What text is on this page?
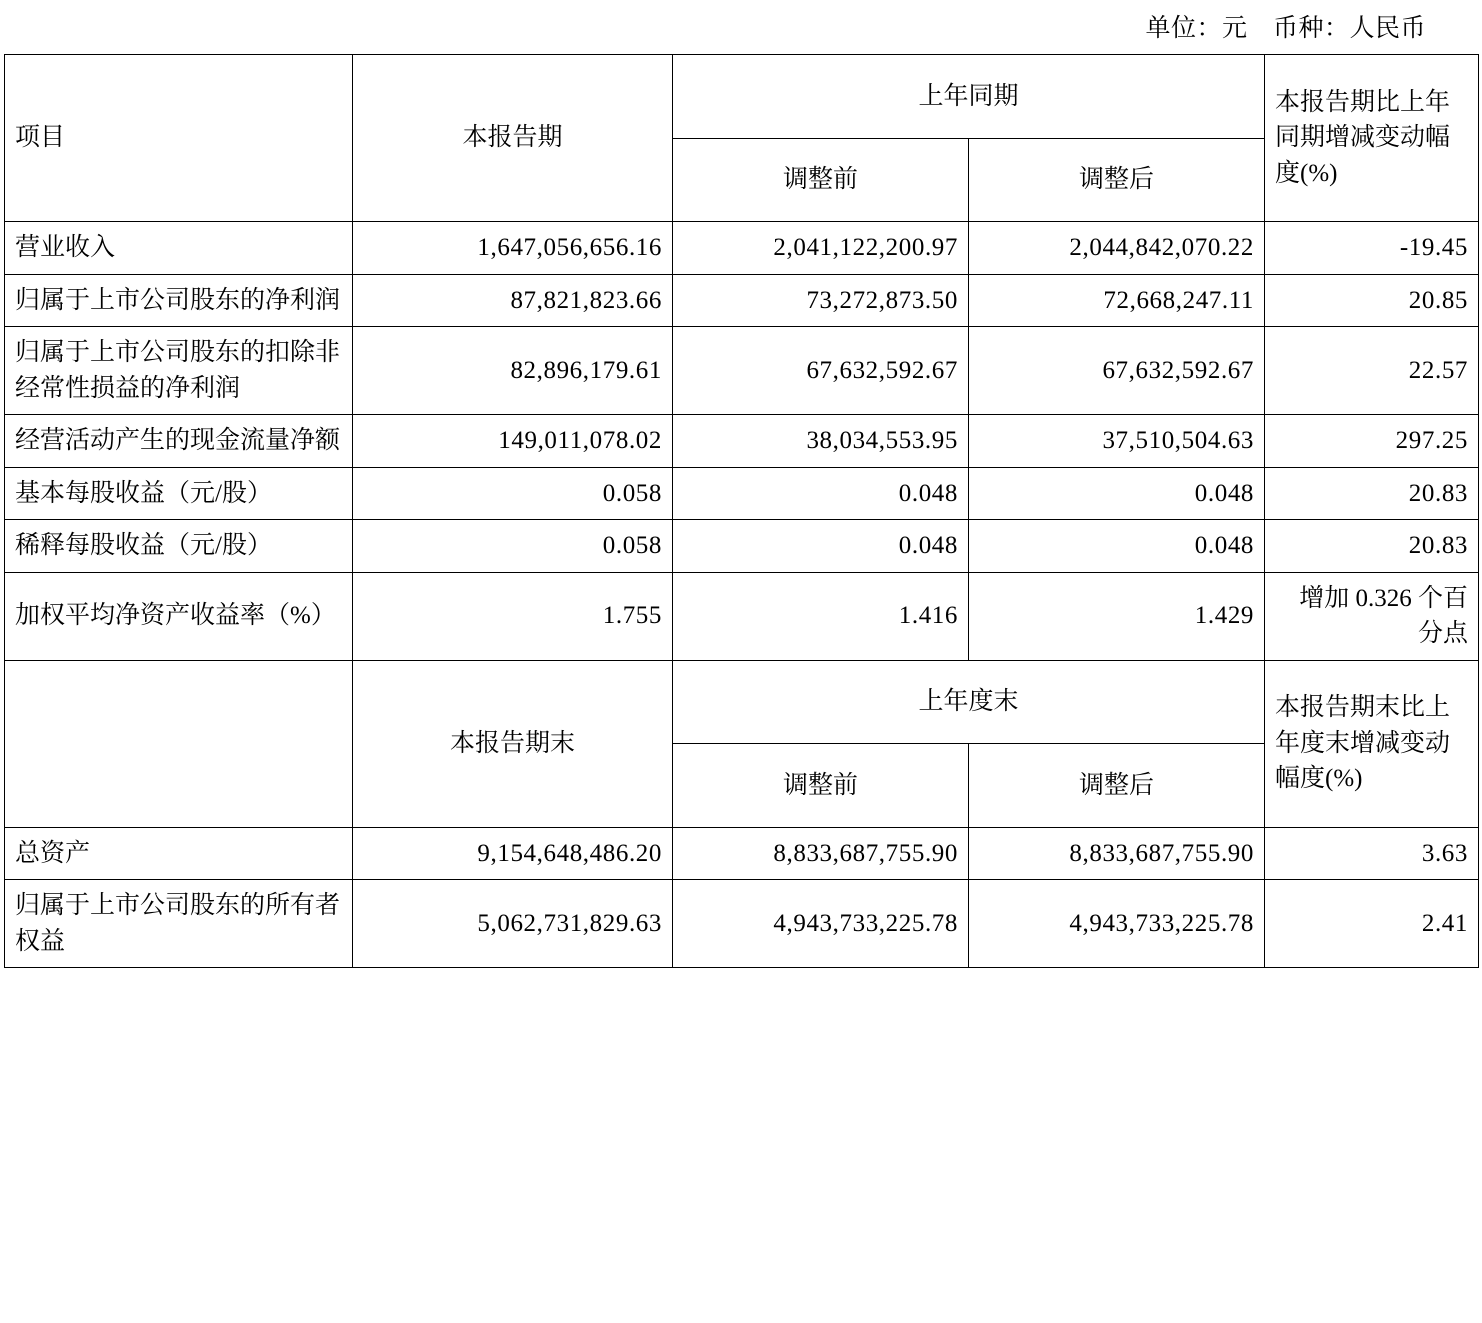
单位：元　币种：人民币
项目	本报告期	上年同期		本报告期比上年同期增减变动幅度(%)
		调整前	调整后	
营业收入	1,647,056,656.16	2,041,122,200.97	2,044,842,070.22	-19.45
归属于上市公司股东的净利润	87,821,823.66	73,272,873.50	72,668,247.11	20.85
归属于上市公司股东的扣除非经常性损益的净利润	82,896,179.61	67,632,592.67	67,632,592.67	22.57
经营活动产生的现金流量净额	149,011,078.02	38,034,553.95	37,510,504.63	297.25
基本每股收益（元/股）	0.058	0.048	0.048	20.83
稀释每股收益（元/股）	0.058	0.048	0.048	20.83
加权平均净资产收益率（%）	1.755	1.416	1.429	增加 0.326 个百分点
	本报告期末	上年度末		本报告期末比上年度末增减变动幅度(%)
		调整前	调整后	
总资产	9,154,648,486.20	8,833,687,755.90	8,833,687,755.90	3.63
归属于上市公司股东的所有者权益	5,062,731,829.63	4,943,733,225.78	4,943,733,225.78	2.41
